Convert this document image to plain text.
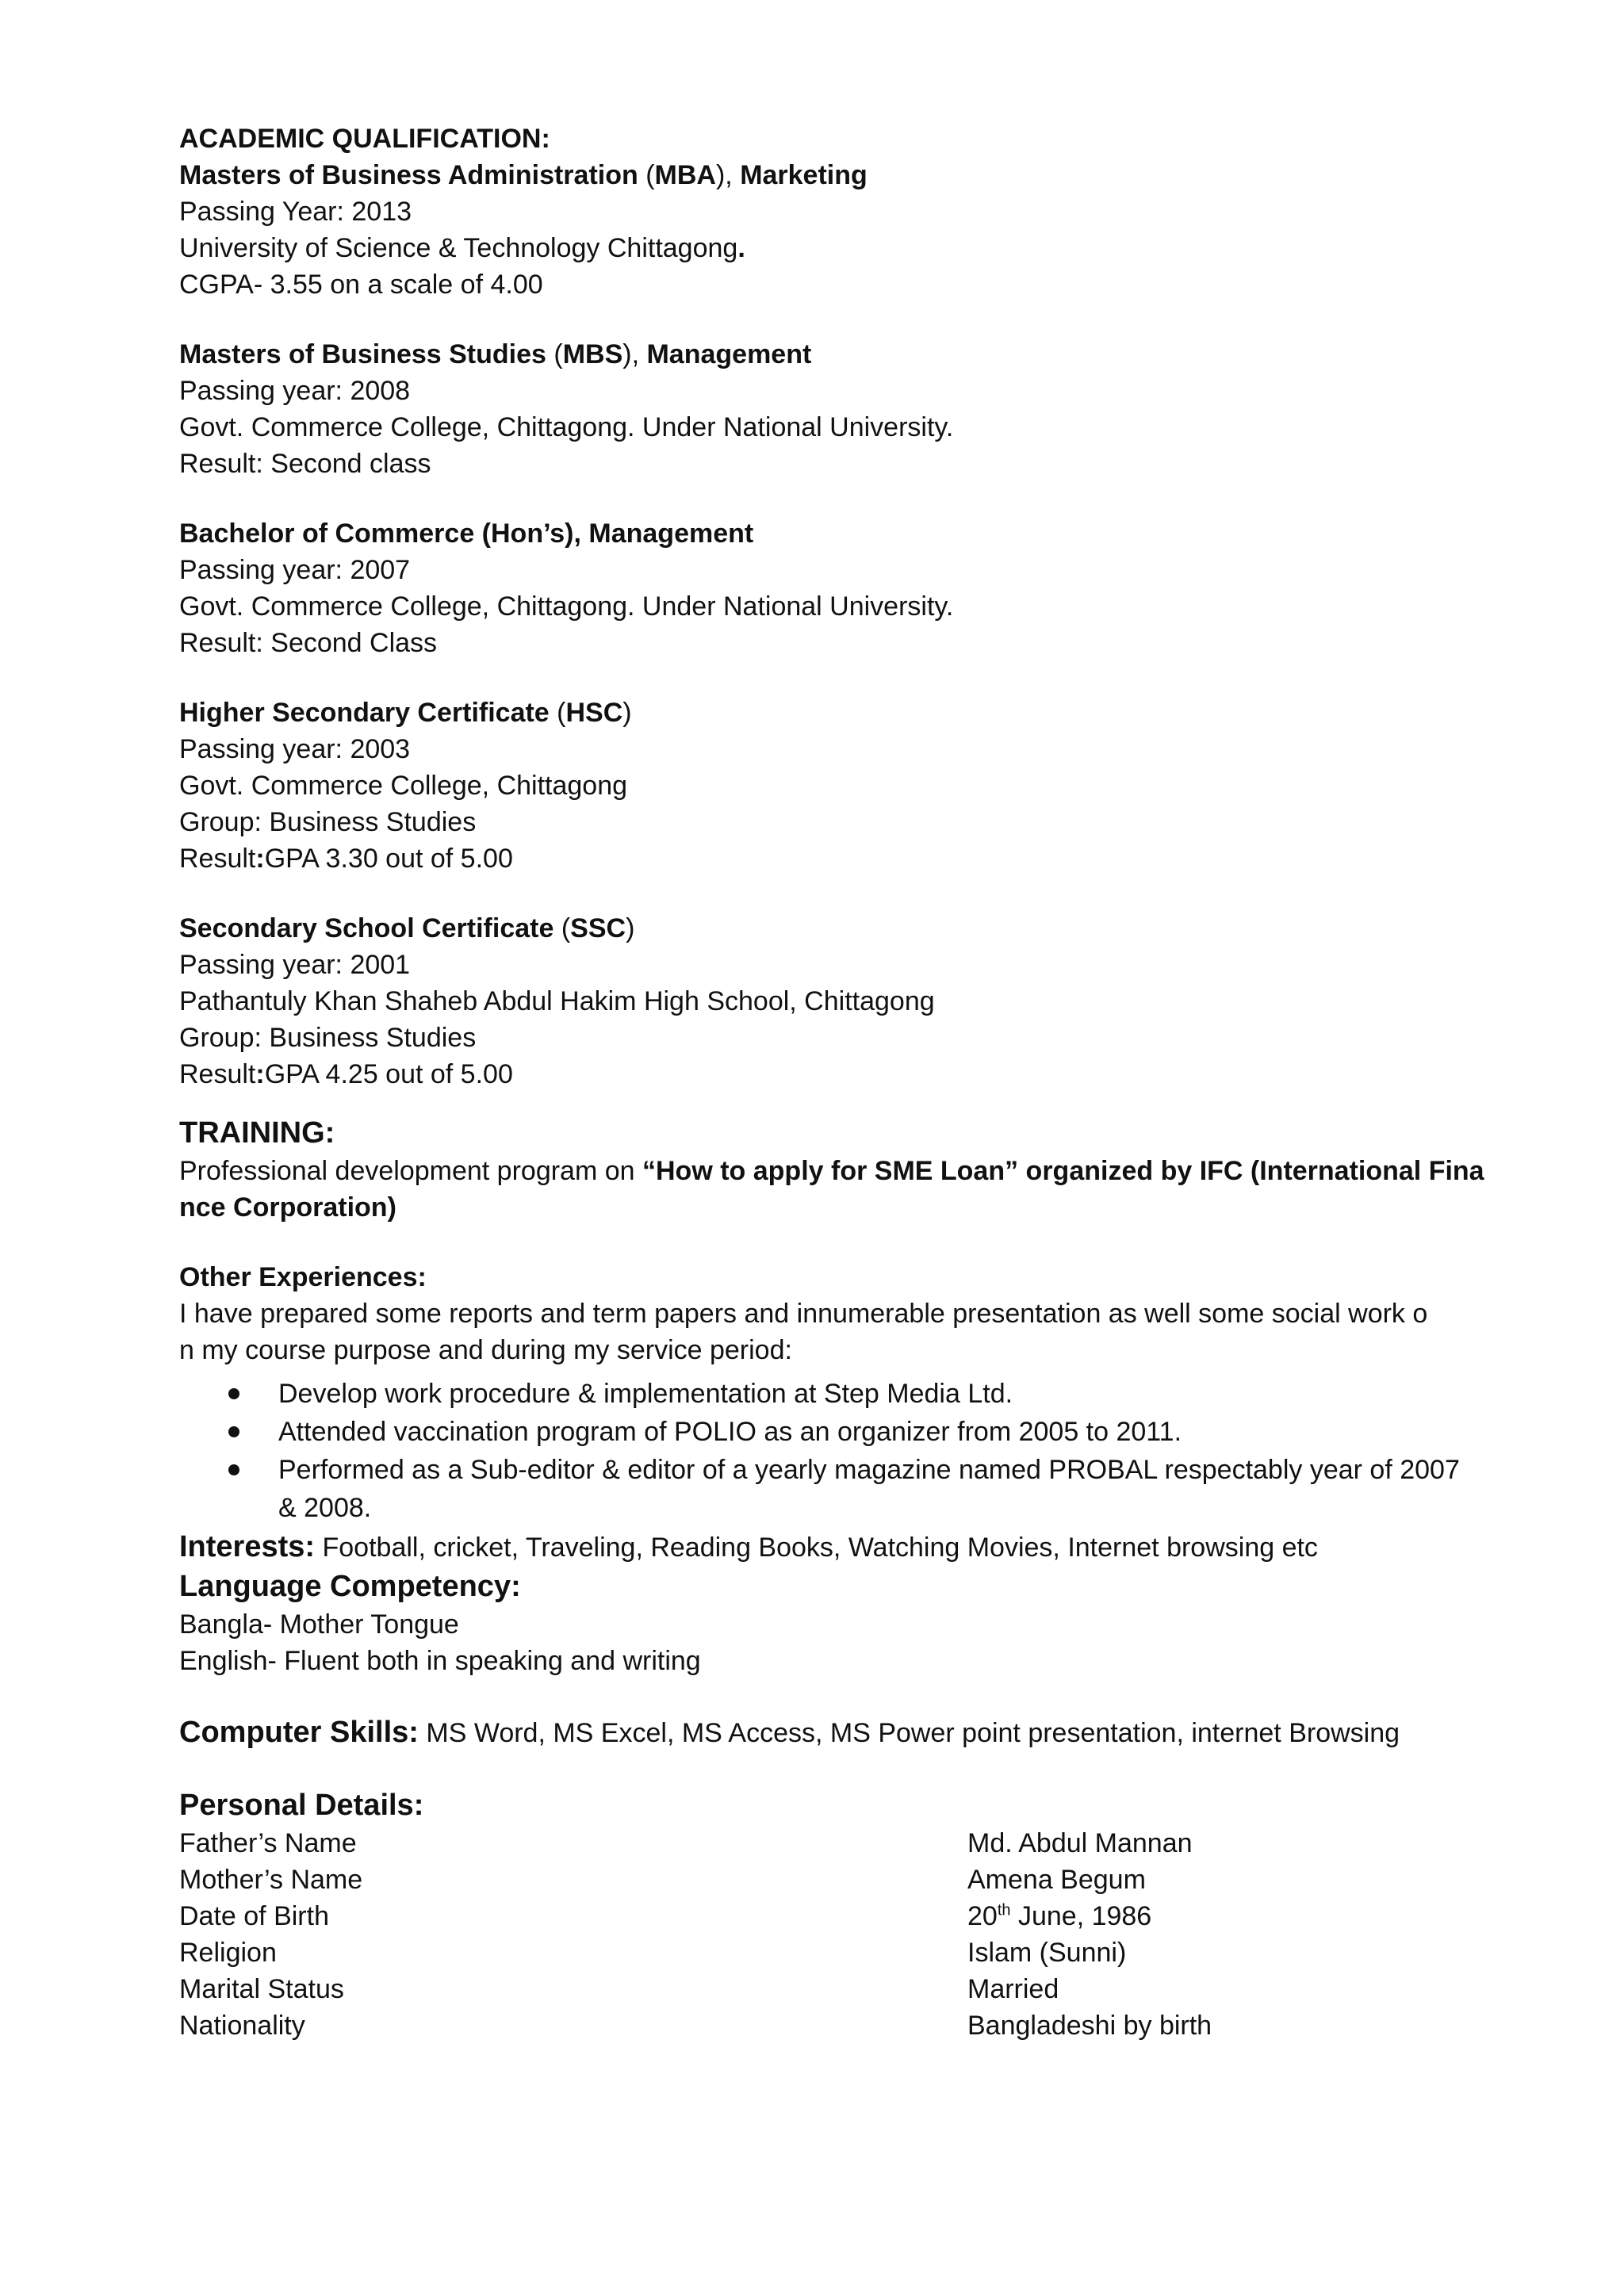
ACADEMIC QUALIFICATION:
Masters of Business Administration (MBA), Marketing
Passing Year: 2013
University of Science & Technology Chittagong.
CGPA- 3.55 on a scale of 4.00
Masters of Business Studies (MBS), Management
Passing year: 2008
Govt. Commerce College, Chittagong. Under National University.
Result: Second class
Bachelor of Commerce (Hon’s), Management
Passing year: 2007
Govt. Commerce College, Chittagong. Under National University.
Result: Second Class
Higher Secondary Certificate (HSC)
Passing year: 2003
Govt. Commerce College, Chittagong
Group: Business Studies
Result:GPA 3.30 out of 5.00
Secondary School Certificate (SSC)
Passing year: 2001
Pathantuly Khan Shaheb Abdul Hakim High School, Chittagong
Group: Business Studies
Result:GPA 4.25 out of 5.00
TRAINING:
Professional development program on “How to apply for SME Loan” organized by IFC (International Fina
nce Corporation)
Other Experiences:
I have prepared some reports and term papers and innumerable presentation as well some social work o
n my course purpose and during my service period:
Develop work procedure & implementation at Step Media Ltd.
Attended vaccination program of POLIO as an organizer from 2005 to 2011.
Performed as a Sub-editor & editor of a yearly magazine named PROBAL respectably year of 2007 & 2008.
Interests: Football, cricket, Traveling, Reading Books, Watching Movies, Internet browsing etc
Language Competency:
Bangla- Mother Tongue
English- Fluent both in speaking and writing
Computer Skills: MS Word, MS Excel, MS Access, MS Power point presentation, internet Browsing
Personal Details:
Father’s Name	Md. Abdul Mannan
Mother’s Name	Amena Begum
Date of Birth	20th June, 1986
Religion	Islam (Sunni)
Marital Status	Married
Nationality	Bangladeshi by birth
